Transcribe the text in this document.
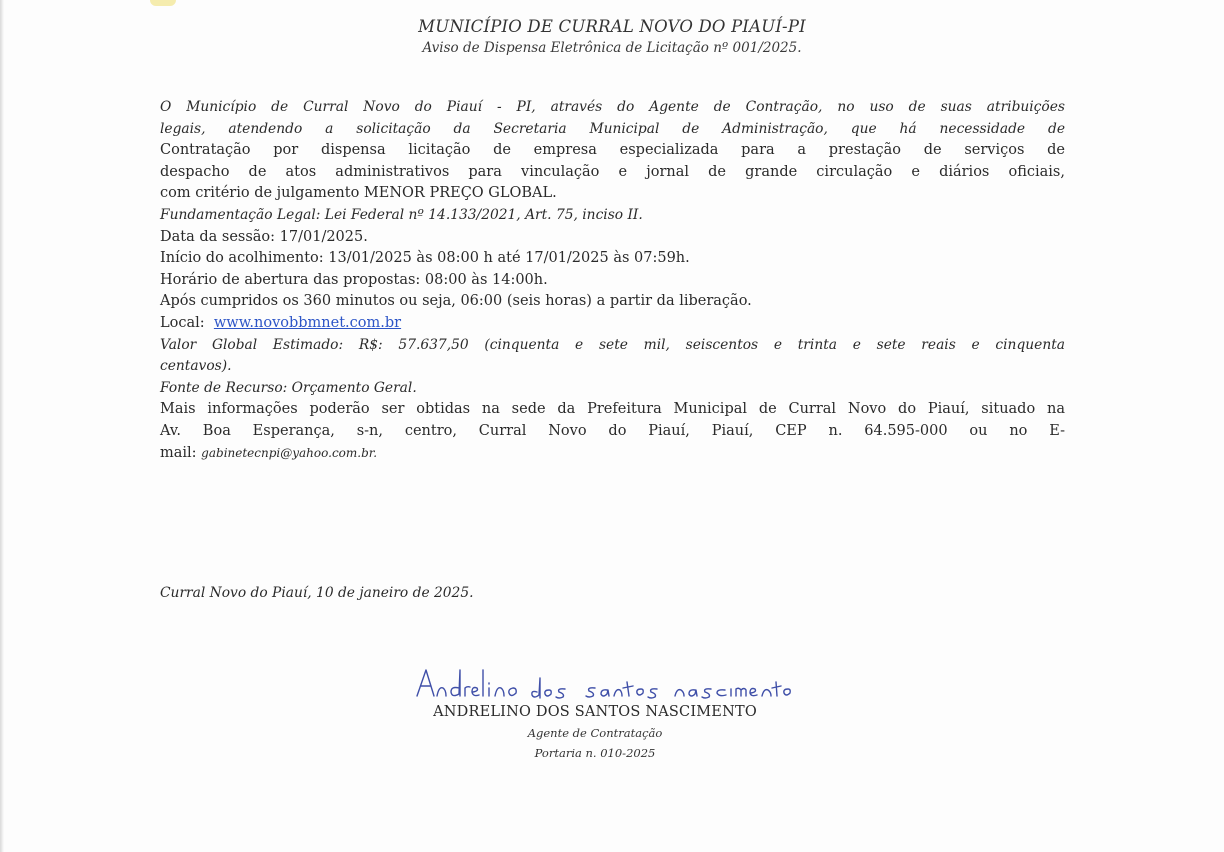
MUNICÍPIO DE CURRAL NOVO DO PIAUÍ-PI
Aviso de Dispensa Eletrônica de Licitação nº 001/2025.
O Município de Curral Novo do Piauí - PI, através do Agente de Contração, no uso de suas atribuições
legais, atendendo a solicitação da Secretaria Municipal de Administração, que há necessidade de
Contratação por dispensa licitação de empresa especializada para a prestação de serviços de
despacho de atos administrativos para vinculação e jornal de grande circulação e diários oficiais,
com critério de julgamento MENOR PREÇO GLOBAL.
Fundamentação Legal: Lei Federal nº 14.133/2021, Art. 75, inciso II.
Data da sessão: 17/01/2025.
Início do acolhimento: 13/01/2025 às 08:00 h até 17/01/2025 às 07:59h.
Horário de abertura das propostas: 08:00 às 14:00h.
Após cumpridos os 360 minutos ou seja, 06:00 (seis horas) a partir da liberação.
Local: www.novobbmnet.com.br
Valor Global Estimado: R$: 57.637,50 (cinquenta e sete mil, seiscentos e trinta e sete reais e cinquenta
centavos).
Fonte de Recurso: Orçamento Geral.
Mais informações poderão ser obtidas na sede da Prefeitura Municipal de Curral Novo do Piauí, situado na
Av. Boa Esperança, s-n, centro, Curral Novo do Piauí, Piauí, CEP n. 64.595-000 ou no E-
mail: gabinetecnpi@yahoo.com.br.
Curral Novo do Piauí, 10 de janeiro de 2025.
ANDRELINO DOS SANTOS NASCIMENTO
Agente de Contratação
Portaria n. 010-2025
